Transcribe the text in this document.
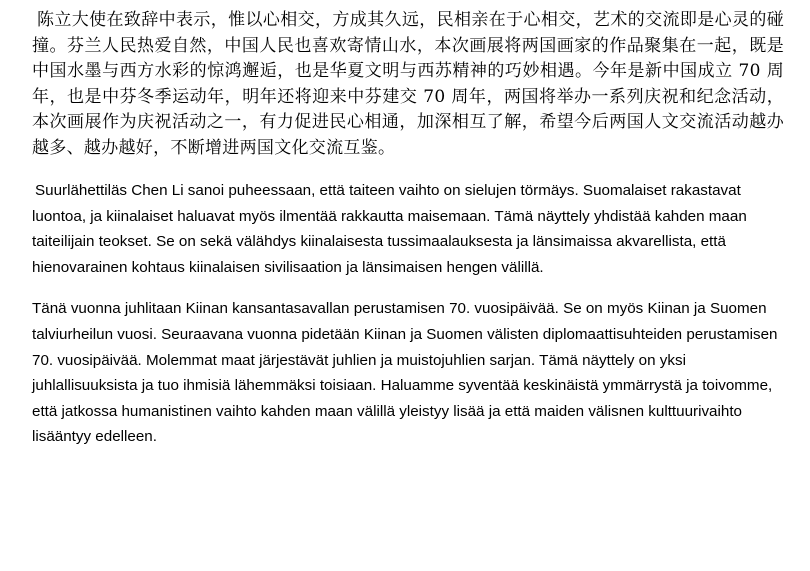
陈立大使在致辞中表示，惟以心相交，方成其久远，民相亲在于心相交，艺术的交流即是心灵的碰撞。芬兰人民热爱自然，中国人民也喜欢寄情山水，本次画展将两国画家的作品聚集在一起，既是中国水墨与西方水彩的惊鸿邂逅，也是华夏文明与西苏精神的巧妙相遇。今年是新中国成立 70 周年，也是中芬冬季运动年，明年还将迎来中芬建交 70 周年，两国将举办一系列庆祝和纪念活动，本次画展作为庆祝活动之一，有力促进民心相通，加深相互了解，希望今后两国人文交流活动越办越多、越办越好，不断增进两国文化交流互鉴。

Suurlähettiläs Chen Li sanoi puheessaan, että taiteen vaihto on sielujen törmäys. Suomalaiset rakastavat luontoa, ja kiinalaiset haluavat myös ilmentää rakkautta maisemaan. Tämä näyttely yhdistää kahden maan taiteilijain teokset. Se on sekä välähdys kiinalaisesta tussimaalauksesta ja länsimaissa akvarellista, että hienovarainen kohtaus kiinalaisen sivilisaation ja länsimaisen hengen välillä.

Tänä vuonna juhlitaan Kiinan kansantasavallan perustamisen 70. vuosipäivää. Se on myös Kiinan ja Suomen talviurheilun vuosi. Seuraavana vuonna pidetään Kiinan ja Suomen välisten diplomaattisuhteiden perustamisen 70. vuosipäivää. Molemmat maat järjestävät juhlien ja muistojuhlien sarjan. Tämä näyttely on yksi juhlallisuuksista ja tuo ihmisiä lähemmäksi toisiaan. Haluamme syventää keskinäistä ymmärrystä ja toivomme, että jatkossa humanistinen vaihto kahden maan välillä yleistyy lisää ja että maiden välisnen kulttuurivaihto lisääntyy edelleen.
